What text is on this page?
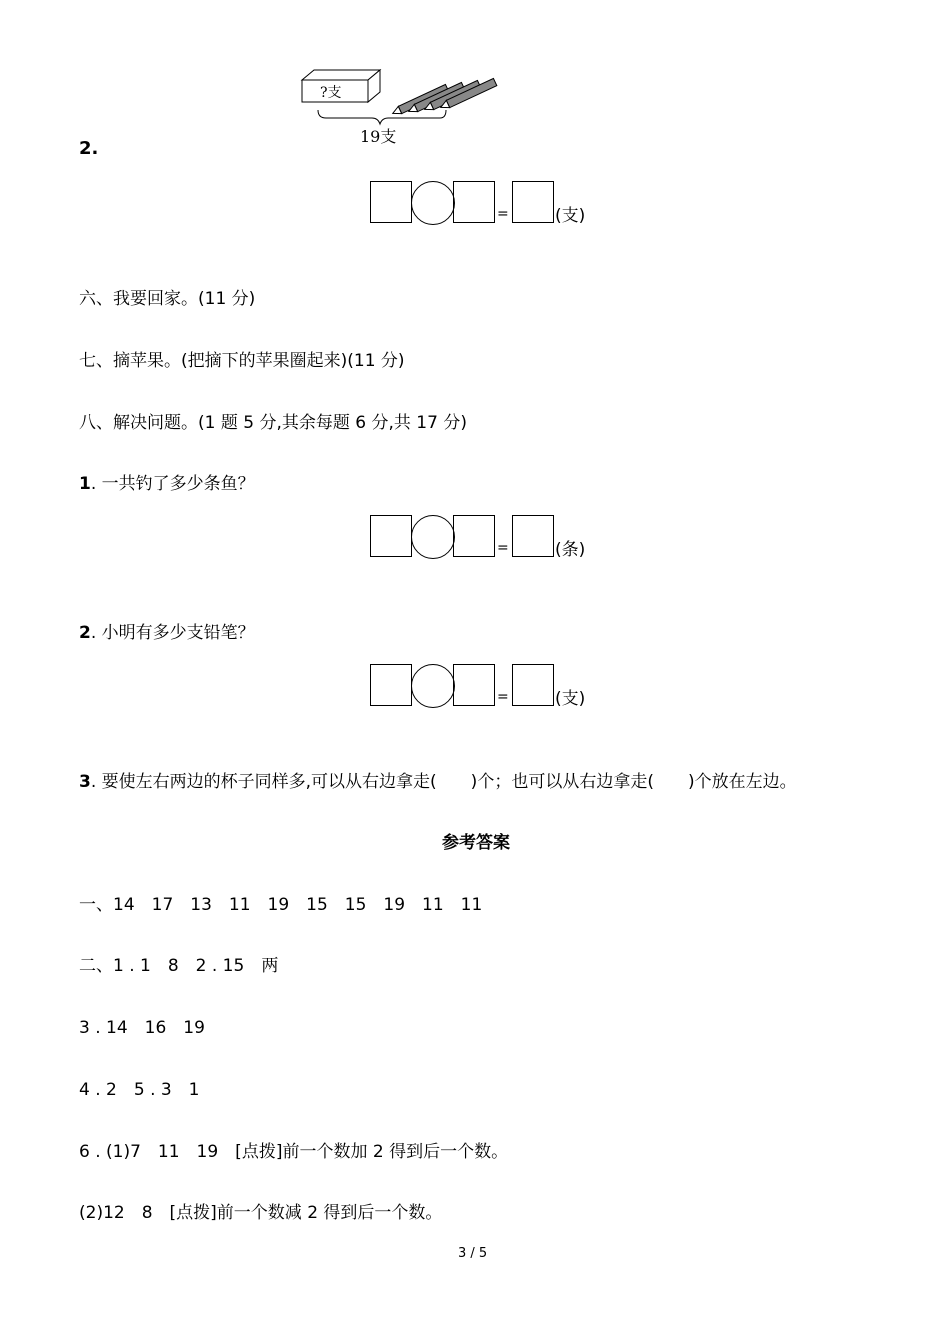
?支
19支
2.
=	(支)
六、我要回家。(11 分)
七、摘苹果。(把摘下的苹果圈起来)(11 分)
八、解决问题。(1 题 5 分,其余每题 6 分,共 17 分)
1. 一共钓了多少条鱼？
=	(条)
2. 小明有多少支铅笔？
=	(支)
3. 要使左右两边的杯子同样多,可以从右边拿走(　　)个；也可以从右边拿走(　　)个放在左边。
参考答案
一、14　17　13　11　19　15　15　19　11　11
二、1 . 1　8　2 . 15　两
3 . 14　16　19
4 . 2　5 . 3　1
6 . (1)7　11　19　[点拨]前一个数加 2 得到后一个数。
(2)12　8　[点拨]前一个数减 2 得到后一个数。
3 / 5
